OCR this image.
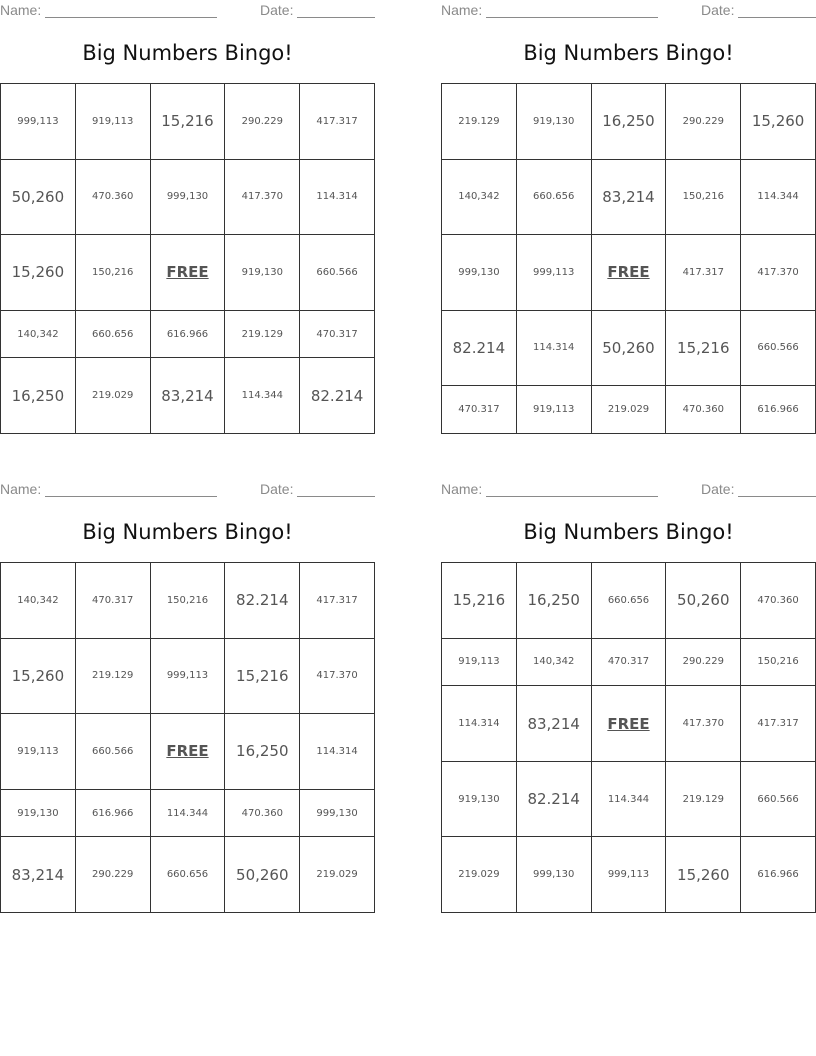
Name:	Date:
Big Numbers Bingo!
999,113	919,113	15,216	290.229	417.317
50,260	470.360	999,130	417.370	114.314
15,260	150,216	FREE	919,130	660.566
140,342	660.656	616.966	219.129	470.317
16,250	219.029	83,214	114.344	82.214
Name:	Date:
Big Numbers Bingo!
219.129	919,130	16,250	290.229	15,260
140,342	660.656	83,214	150,216	114.344
999,130	999,113	FREE	417.317	417.370
82.214	114.314	50,260	15,216	660.566
470.317	919,113	219.029	470.360	616.966
Name:	Date:
Big Numbers Bingo!
140,342	470.317	150,216	82.214	417.317
15,260	219.129	999,113	15,216	417.370
919,113	660.566	FREE	16,250	114.314
919,130	616.966	114.344	470.360	999,130
83,214	290.229	660.656	50,260	219.029
Name:	Date:
Big Numbers Bingo!
15,216	16,250	660.656	50,260	470.360
919,113	140,342	470.317	290.229	150,216
114.314	83,214	FREE	417.370	417.317
919,130	82.214	114.344	219.129	660.566
219.029	999,130	999,113	15,260	616.966
